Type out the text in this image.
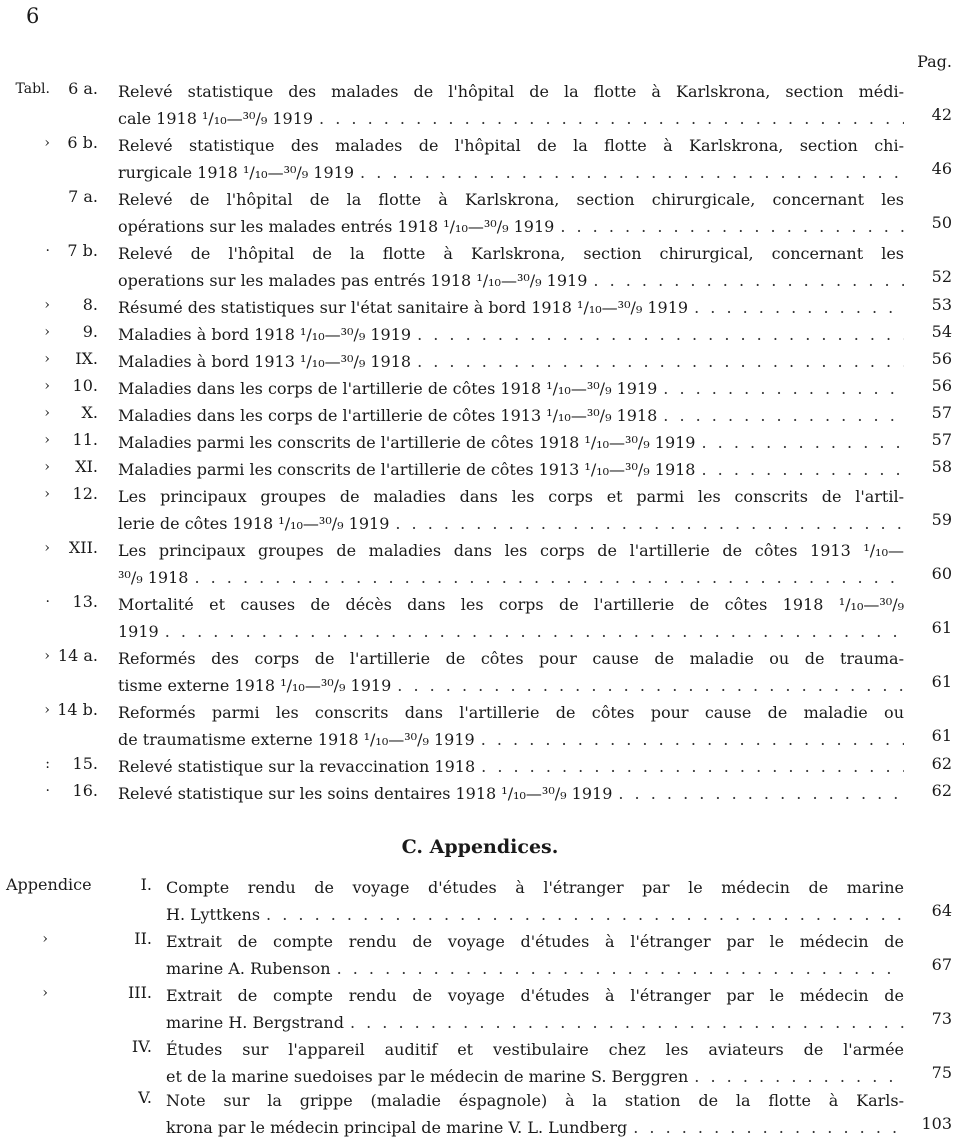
6
Pag.
Tabl.	6 a. Relevé statistique des malades de l'hôpital de la flotte à Karlskrona, section médi-
cale 1918 ¹/₁₀—³⁰/₉ 1919 . . .	42
›	6 b. Relevé statistique des malades de l'hôpital de la flotte à Karlskrona, section chi-
rurgicale 1918 ¹/₁₀—³⁰/₉ 1919 . . .	46
7 a. Relevé de l'hôpital de la flotte à Karlskrona, section chirurgicale, concernant les
opérations sur les malades entrés 1918 ¹/₁₀—³⁰/₉ 1919 . . .	50
·	7 b. Relevé de l'hôpital de la flotte à Karlskrona, section chirurgical, concernant les
operations sur les malades pas entrés 1918 ¹/₁₀—³⁰/₉ 1919 . . .	52
›	8. Résumé des statistiques sur l'état sanitaire à bord 1918 ¹/₁₀—³⁰/₉ 1919 . . .	53
›	9. Maladies à bord 1918 ¹/₁₀—³⁰/₉ 1919 . . .	54
›	IX. Maladies à bord 1913 ¹/₁₀—³⁰/₉ 1918 . . .	56
›	10. Maladies dans les corps de l'artillerie de côtes 1918 ¹/₁₀—³⁰/₉ 1919 . . .	56
›	X. Maladies dans les corps de l'artillerie de côtes 1913 ¹/₁₀—³⁰/₉ 1918 . . .	57
›	11. Maladies parmi les conscrits de l'artillerie de côtes 1918 ¹/₁₀—³⁰/₉ 1919 . . .	57
›	XI. Maladies parmi les conscrits de l'artillerie de côtes 1913 ¹/₁₀—³⁰/₉ 1918 . . .	58
›	12. Les principaux groupes de maladies dans les corps et parmi les conscrits de l'artil-
lerie de côtes 1918 ¹/₁₀—³⁰/₉ 1919 . . .	59
›	XII. Les principaux groupes de maladies dans les corps de l'artillerie de côtes 1913 ¹/₁₀—
³⁰/₉ 1918 . . .	60
·	13. Mortalité et causes de décès dans les corps de l'artillerie de côtes 1918 ¹/₁₀—³⁰/₉
1919 . . .	61
› 14 a. Reformés des corps de l'artillerie de côtes pour cause de maladie ou de trauma-
tisme externe 1918 ¹/₁₀—³⁰/₉ 1919 . . .	61
› 14 b. Reformés parmi les conscrits dans l'artillerie de côtes pour cause de maladie ou
de traumatisme externe 1918 ¹/₁₀—³⁰/₉ 1919 . . .	61
:	15. Relevé statistique sur la revaccination 1918 . . .	62
·	16. Relevé statistique sur les soins dentaires 1918 ¹/₁₀—³⁰/₉ 1919 . . .	62
C. Appendices.
I. Compte rendu de voyage d'études à l'étranger par le médecin de marine
H. Lyttkens . . .	64
Appendice
›	II. Extrait de compte rendu de voyage d'études à l'étranger par le médecin de
marine A. Rubenson . . .	67
›	III. Extrait de compte rendu de voyage d'études à l'étranger par le médecin de
marine H. Bergstrand . . .	73
IV. Études sur l'appareil auditif et vestibulaire chez les aviateurs de l'armée
et de la marine suedoises par le médecin de marine S. Berggren . . .	75
V. Note sur la grippe (maladie éspagnole) à la station de la flotte à Karls-
krona par le médecin principal de marine V. L. Lundberg . . .	103
